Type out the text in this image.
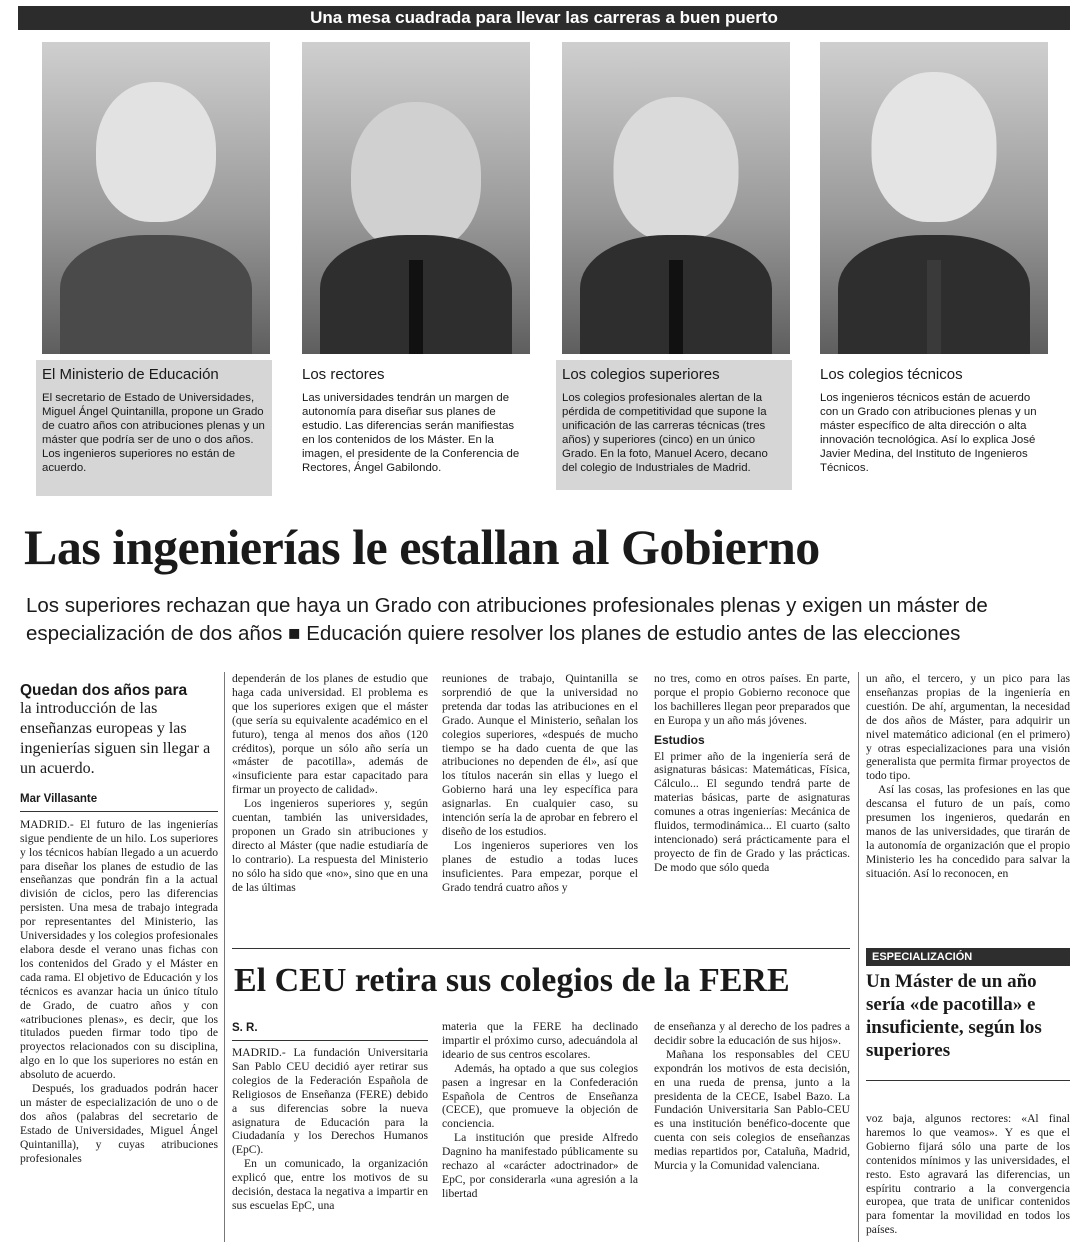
Una mesa cuadrada para llevar las carreras a buen puerto
El Ministerio de Educación

El secretario de Estado de Universidades, Miguel Ángel Quintanilla, propone un Grado de cuatro años con atribuciones plenas y un máster que podría ser de uno o dos años. Los ingenieros superiores no están de acuerdo.

Los rectores

Las universidades tendrán un margen de autonomía para diseñar sus planes de estudio. Las diferencias serán manifiestas en los contenidos de los Máster. En la imagen, el presidente de la Conferencia de Rectores, Ángel Gabilondo.

Los colegios superiores

Los colegios profesionales alertan de la pérdida de competitividad que supone la unificación de las carreras técnicas (tres años) y superiores (cinco) en un único Grado. En la foto, Manuel Acero, decano del colegio de Industriales de Madrid.

Los colegios técnicos

Los ingenieros técnicos están de acuerdo con un Grado con atribuciones plenas y un máster específico de alta dirección o alta innovación tecnológica. Así lo explica José Javier Medina, del Instituto de Ingenieros Técnicos.

Las ingenierías le estallan al Gobierno
Los superiores rechazan que haya un Grado con atribuciones profesionales plenas y exigen un máster de especialización de dos años ■ Educación quiere resolver los planes de estudio antes de las elecciones
Quedan dos años para
la introducción de las enseñanzas europeas y las ingenierías siguen sin llegar a un acuerdo.
Mar Villasante

MADRID.- El futuro de las ingenierías sigue pendiente de un hilo. Los superiores y los técnicos habían llegado a un acuerdo para diseñar los planes de estudio de las enseñanzas que pondrán fin a la actual división de ciclos, pero las diferencias persisten. Una mesa de trabajo integrada por representantes del Ministerio, las Universidades y los colegios profesionales elabora desde el verano unas fichas con los contenidos del Grado y el Máster en cada rama. El objetivo de Educación y los técnicos es avanzar hacia un único título de Grado, de cuatro años y con «atribuciones plenas», es decir, que los titulados pueden firmar todo tipo de proyectos relacionados con su disciplina, algo en lo que los superiores no están en absoluto de acuerdo.

Después, los graduados podrán hacer un máster de especialización de uno o de dos años (palabras del secretario de Estado de Universidades, Miguel Ángel Quintanilla), y cuyas atribuciones profesionales

dependerán de los planes de estudio que haga cada universidad. El problema es que los superiores exigen que el máster (que sería su equivalente académico en el futuro), tenga al menos dos años (120 créditos), porque un sólo año sería un «máster de pacotilla», además de «insuficiente para estar capacitado para firmar un proyecto de calidad».

Los ingenieros superiores y, según cuentan, también las universidades, proponen un Grado sin atribuciones y directo al Máster (que nadie estudiaría de lo contrario). La respuesta del Ministerio no sólo ha sido que «no», sino que en una de las últimas

reuniones de trabajo, Quintanilla se sorprendió de que la universidad no pretenda dar todas las atribuciones en el Grado. Aunque el Ministerio, señalan los colegios superiores, «después de mucho tiempo se ha dado cuenta de que las atribuciones no dependen de él», así que los títulos nacerán sin ellas y luego el Gobierno hará una ley específica para asignarlas. En cualquier caso, su intención sería la de aprobar en febrero el diseño de los estudios.

Los ingenieros superiores ven los planes de estudio a todas luces insuficientes. Para empezar, porque el Grado tendrá cuatro años y

no tres, como en otros países. En parte, porque el propio Gobierno reconoce que los bachilleres llegan peor preparados que en Europa y un año más jóvenes.

Estudios

El primer año de la ingeniería será de asignaturas básicas: Matemáticas, Física, Cálculo... El segundo tendrá parte de materias básicas, parte de asignaturas comunes a otras ingenierías: Mecánica de fluidos, termodinámica... El cuarto (salto intencionado) será prácticamente para el proyecto de fin de Grado y las prácticas. De modo que sólo queda

un año, el tercero, y un pico para las enseñanzas propias de la ingeniería en cuestión. De ahí, argumentan, la necesidad de dos años de Máster, para adquirir un nivel matemático adicional (en el primero) y otras especializaciones para una visión generalista que permita firmar proyectos de todo tipo.

Así las cosas, las profesiones en las que descansa el futuro de un país, como presumen los ingenieros, quedarán en manos de las universidades, que tirarán de la autonomía de organización que el propio Ministerio les ha concedido para salvar la situación. Así lo reconocen, en

El CEU retira sus colegios de la FERE
S. R.

MADRID.- La fundación Universitaria San Pablo CEU decidió ayer retirar sus colegios de la Federación Española de Religiosos de Enseñanza (FERE) debido a sus diferencias sobre la nueva asignatura de Educación para la Ciudadanía y los Derechos Humanos (EpC).

En un comunicado, la organización explicó que, entre los motivos de su decisión, destaca la negativa a impartir en sus escuelas EpC, una

materia que la FERE ha declinado impartir el próximo curso, adecuándola al ideario de sus centros escolares.

Además, ha optado a que sus colegios pasen a ingresar en la Confederación Española de Centros de Enseñanza (CECE), que promueve la objeción de conciencia.

La institución que preside Alfredo Dagnino ha manifestado públicamente su rechazo al «carácter adoctrinador» de EpC, por considerarla «una agresión a la libertad

de enseñanza y al derecho de los padres a decidir sobre la educación de sus hijos».

Mañana los responsables del CEU expondrán los motivos de esta decisión, en una rueda de prensa, junto a la presidenta de la CECE, Isabel Bazo. La Fundación Universitaria San Pablo-CEU es una institución benéfico-docente que cuenta con seis colegios de enseñanzas medias repartidos por, Cataluña, Madrid, Murcia y la Comunidad valenciana.

ESPECIALIZACIÓN
Un Máster de un año sería «de pacotilla» e insuficiente, según los superiores

voz baja, algunos rectores: «Al final haremos lo que veamos». Y es que el Gobierno fijará sólo una parte de los contenidos mínimos y las universidades, el resto. Esto agravará las diferencias, un espíritu contrario a la convergencia europea, que trata de unificar contenidos para fomentar la movilidad en todos los países.
